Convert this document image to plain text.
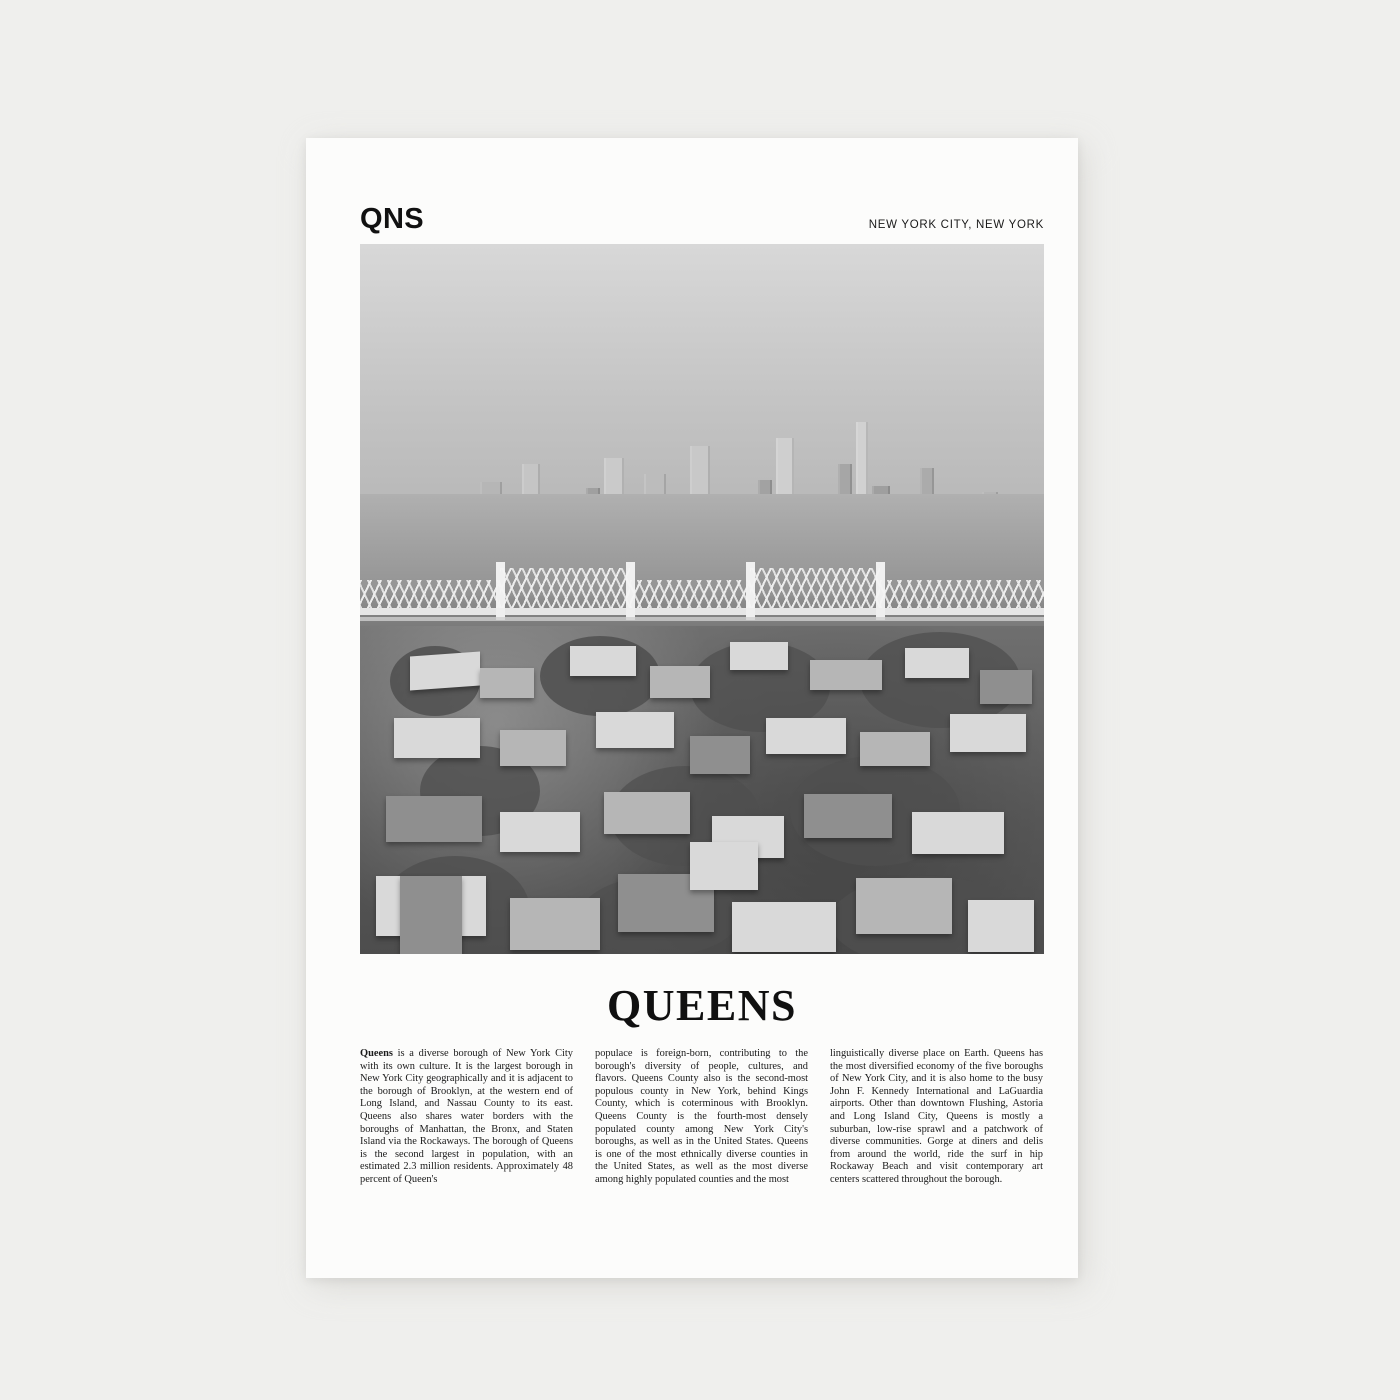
QNS	NEW YORK CITY, NEW YORK
QUEENS
Queens is a diverse borough of New York City with its own culture. It is the largest borough in New York City geographically and it is adjacent to the borough of Brooklyn, at the western end of Long Island, and Nassau County to its east. Queens also shares water borders with the boroughs of Manhattan, the Bronx, and Staten Island via the Rockaways. The borough of Queens is the second largest in population, with an estimated 2.3 million residents. Approximately 48 percent of Queen's
populace is foreign-born, contributing to the borough's diversity of people, cultures, and flavors. Queens County also is the second-most populous county in New York, behind Kings County, which is coterminous with Brooklyn. Queens County is the fourth-most densely populated county among New York City's boroughs, as well as in the United States. Queens is one of the most ethnically diverse counties in the United States, as well as the most diverse among highly populated counties and the most
linguistically diverse place on Earth. Queens has the most diversified economy of the five boroughs of New York City, and it is also home to the busy John F. Kennedy International and LaGuardia airports. Other than downtown Flushing, Astoria and Long Island City, Queens is mostly a suburban, low-rise sprawl and a patchwork of diverse communities. Gorge at diners and delis from around the world, ride the surf in hip Rockaway Beach and visit contemporary art centers scattered throughout the borough.
